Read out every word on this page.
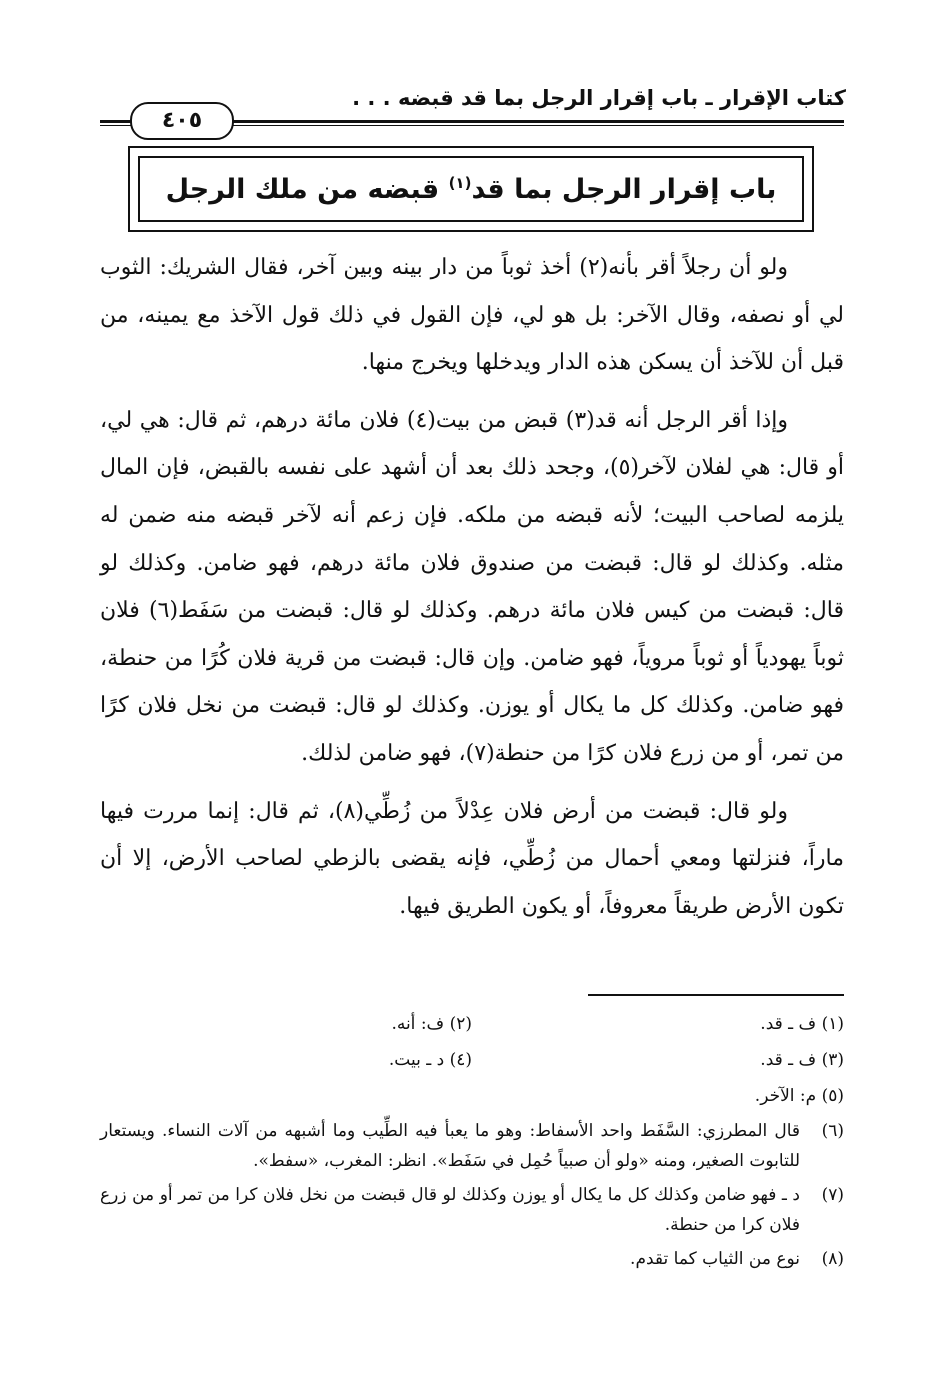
كتاب الإقرار ـ باب إقرار الرجل بما قد قبضه . . .
٤٠٥
باب إقرار الرجل بما قد$^{(١)}$ قبضه من ملك الرجل

ولو أن رجلاً أقر بأنه(٢) أخذ ثوباً من دار بينه وبين آخر، فقال الشريك: الثوب لي أو نصفه، وقال الآخر: بل هو لي، فإن القول في ذلك قول الآخذ مع يمينه، من قبل أن للآخذ أن يسكن هذه الدار ويدخلها ويخرج منها.

وإذا أقر الرجل أنه قد(٣) قبض من بيت(٤) فلان مائة درهم، ثم قال: هي لي، أو قال: هي لفلان لآخر(٥)، وجحد ذلك بعد أن أشهد على نفسه بالقبض، فإن المال يلزمه لصاحب البيت؛ لأنه قبضه من ملكه. فإن زعم أنه لآخر قبضه منه ضمن له مثله. وكذلك لو قال: قبضت من صندوق فلان مائة درهم، فهو ضامن. وكذلك لو قال: قبضت من كيس فلان مائة درهم. وكذلك لو قال: قبضت من سَفَط(٦) فلان ثوباً يهودياً أو ثوباً مروياً، فهو ضامن. وإن قال: قبضت من قرية فلان كُرًا من حنطة، فهو ضامن. وكذلك كل ما يكال أو يوزن. وكذلك لو قال: قبضت من نخل فلان كرًا من تمر، أو من زرع فلان كرًا من حنطة(٧)، فهو ضامن لذلك.

ولو قال: قبضت من أرض فلان عِدْلاً من زُطِّي(٨)، ثم قال: إنما مررت فيها ماراً، فنزلتها ومعي أحمال من زُطِّي، فإنه يقضى بالزطي لصاحب الأرض، إلا أن تكون الأرض طريقاً معروفاً، أو يكون الطريق فيها.

(١) ف ـ قد.
(٢) ف: أنه.
(٣) ف ـ قد.
(٤) د ـ بيت.
(٥) م: الآخر.
(٦)
قال المطرزي: السَّفَط واحد الأسفاط: وهو ما يعبأ فيه الطِّيب وما أشبهه من آلات النساء. ويستعار للتابوت الصغير، ومنه «ولو أن صبياً حُمِل في سَفَط». انظر: المغرب، «سفط».
(٧)
د ـ فهو ضامن وكذلك كل ما يكال أو يوزن وكذلك لو قال قبضت من نخل فلان كرا من تمر أو من زرع فلان كرا من حنطة.
(٨)
نوع من الثياب كما تقدم.
